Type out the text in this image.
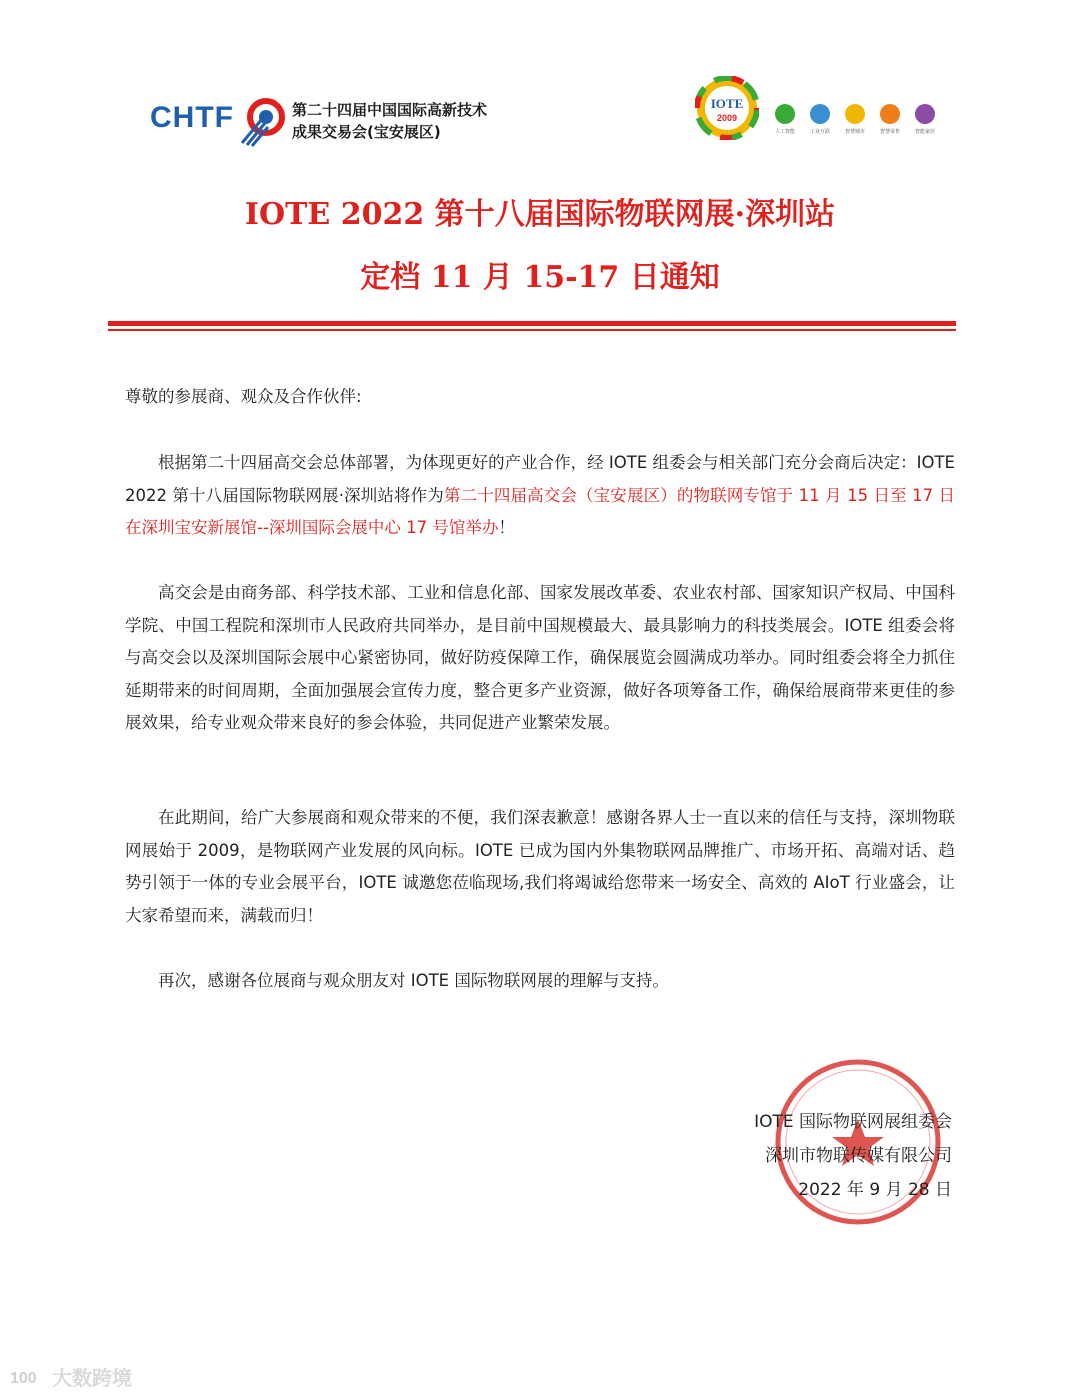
CHTF	第二十四届中国国际高新技术
成果交易会(宝安展区)
IOTE
2009
人工智能	工业互联	智慧城市	智慧零售	智能家居
IOTE 2022 第十八届国际物联网展·深圳站
定档 11 月 15-17 日通知
尊敬的参展商、观众及合作伙伴:

根据第二十四届高交会总体部署，为体现更好的产业合作，经 IOTE 组委会与相关部门充分会商后决定：IOTE 2022 第十八届国际物联网展·深圳站将作为第二十四届高交会（宝安展区）的物联网专馆于 11 月 15 日至 17 日在深圳宝安新展馆--深圳国际会展中心 17 号馆举办！

高交会是由商务部、科学技术部、工业和信息化部、国家发展改革委、农业农村部、国家知识产权局、中国科学院、中国工程院和深圳市人民政府共同举办，是目前中国规模最大、最具影响力的科技类展会。IOTE 组委会将与高交会以及深圳国际会展中心紧密协同，做好防疫保障工作，确保展览会圆满成功举办。同时组委会将全力抓住延期带来的时间周期，全面加强展会宣传力度，整合更多产业资源，做好各项筹备工作，确保给展商带来更佳的参展效果，给专业观众带来良好的参会体验，共同促进产业繁荣发展。

在此期间，给广大参展商和观众带来的不便，我们深表歉意！感谢各界人士一直以来的信任与支持，深圳物联网展始于 2009，是物联网产业发展的风向标。IOTE 已成为国内外集物联网品牌推广、市场开拓、高端对话、趋势引领于一体的专业会展平台，IOTE 诚邀您莅临现场,我们将竭诚给您带来一场安全、高效的 AIoT 行业盛会，让大家希望而来，满载而归！

再次，感谢各位展商与观众朋友对 IOTE 国际物联网展的理解与支持。

IOTE 国际物联网展组委会
深圳市物联传媒有限公司
2022 年 9 月 28 日
100 大数跨境
